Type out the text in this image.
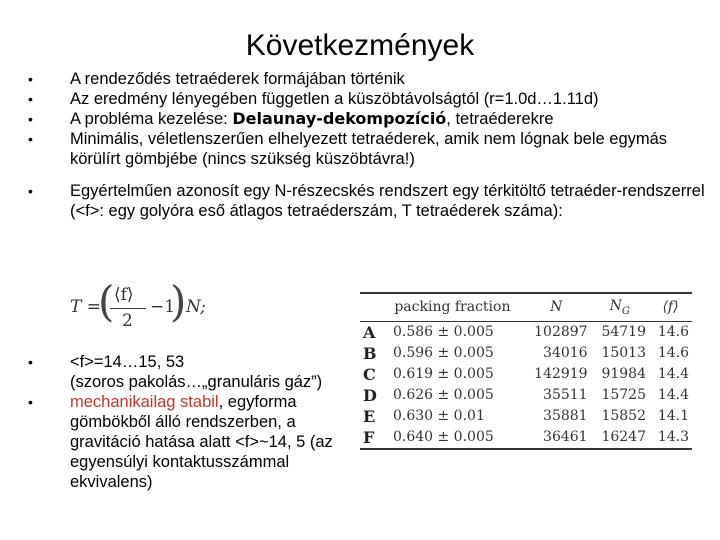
Következmények
•	A rendeződés tetraéderek formájában történik
•	Az eredmény lényegében független a küszöbtávolságtól (r=1.0d…1.11d)
•	A probléma kezelése: Delaunay-dekompozíció, tetraéderekre
•	Minimális, véletlenszerűen elhelyezett tetraéderek, amik nem lógnak bele egymás körülírt gömbjébe (nincs szükség küszöbtávra!)
•	Egyértelműen azonosít egy N-részecskés rendszert egy térkitöltő tetraéder-rendszerrel (<f>: egy golyóra eső átlagos tetraéderszám, T tetraéderek száma):
T =
( ⟨f⟩
2
−1
) N;
•	<f>=14…15, 53
(szoros pakolás…„granuláris gáz”)
•	mechanikailag stabil, egyforma gömbökből álló rendszerben, a gravitáció hatása alatt <f>~14, 5 (az egyensúlyi kontaktusszámmal ekvivalens)
	packing fraction	N	$N_G$	⟨f⟩
A	0.586 ± 0.005	102897	54719	14.6
B	0.596 ± 0.005	34016	15013	14.6
C	0.619 ± 0.005	142919	91984	14.4
D	0.626 ± 0.005	35511	15725	14.4
E	0.630 ± 0.01	35881	15852	14.1
F	0.640 ± 0.005	36461	16247	14.3
